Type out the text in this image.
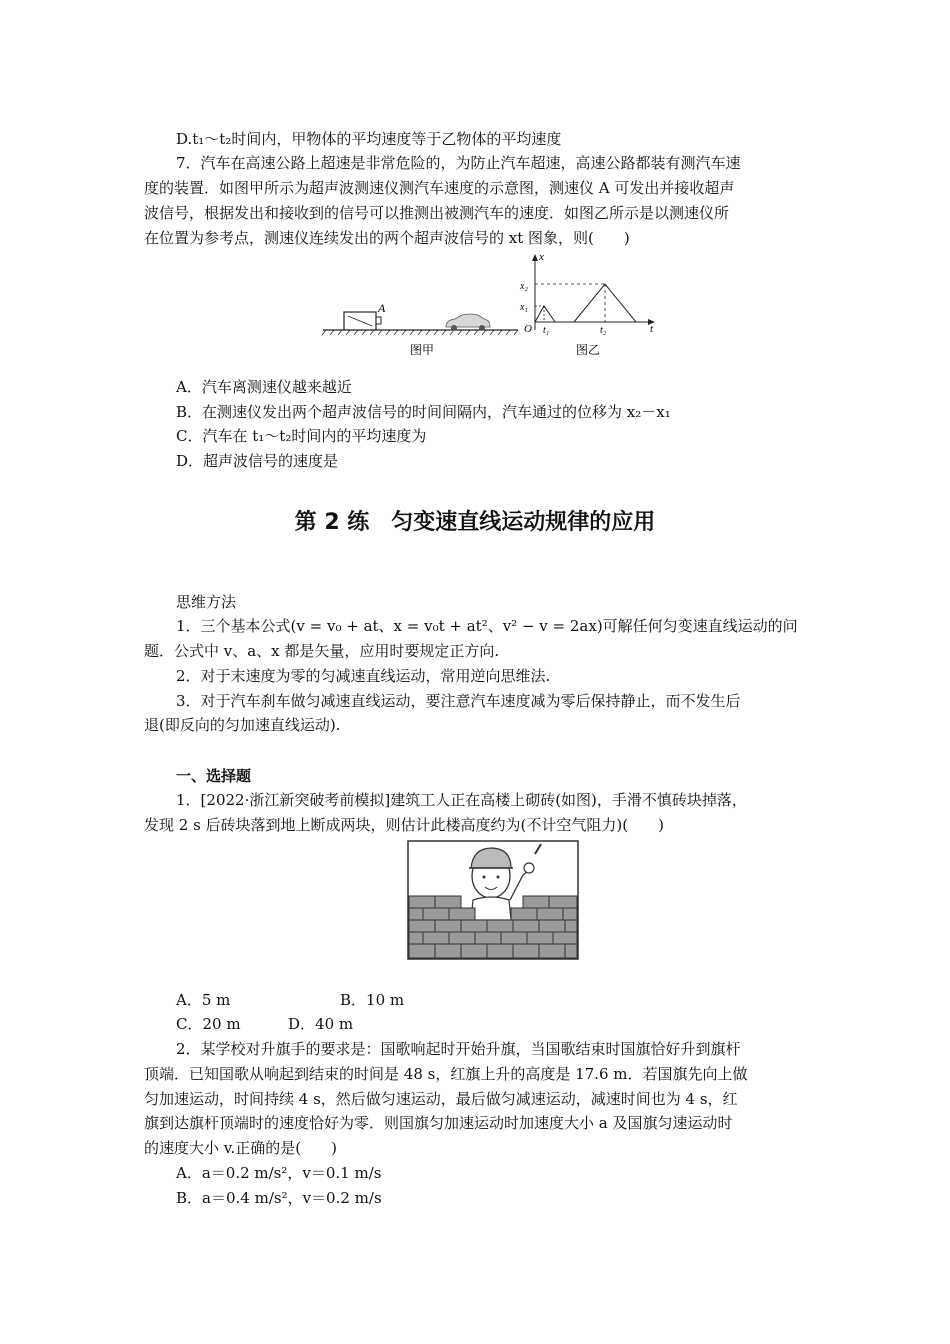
D.t₁～t₂时间内，甲物体的平均速度等于乙物体的平均速度
7．汽车在高速公路上超速是非常危险的，为防止汽车超速，高速公路都装有测汽车速
度的装置．如图甲所示为超声波测速仪测汽车速度的示意图，测速仪 A 可发出并接收超声
波信号，根据发出和接收到的信号可以推测出被测汽车的速度．如图乙所示是以测速仪所
在位置为参考点，测速仪连续发出的两个超声波信号的 xt 图象，则(　　)
A
图甲
x
t
O
x₂
x₁
t₁	t₂
图乙
A．汽车离测速仪越来越近
B．在测速仪发出两个超声波信号的时间间隔内，汽车通过的位移为 x₂－x₁
C．汽车在 t₁～t₂时间内的平均速度为
D．超声波信号的速度是
第 2 练　匀变速直线运动规律的应用
思维方法
1．三个基本公式(v = v₀ + at、x = v₀t + at²、v² − v = 2ax)可解任何匀变速直线运动的问
题．公式中 v、a、x 都是矢量，应用时要规定正方向.
2．对于末速度为零的匀减速直线运动，常用逆向思维法.
3．对于汽车刹车做匀减速直线运动，要注意汽车速度减为零后保持静止，而不发生后
退(即反向的匀加速直线运动).
一、选择题
1．[2022·浙江新突破考前模拟]建筑工人正在高楼上砌砖(如图)，手滑不慎砖块掉落，
发现 2 s 后砖块落到地上断成两块，则估计此楼高度约为(不计空气阻力)(　　)
A．5 m	B．10 m
C．20 m	D．40 m
2．某学校对升旗手的要求是：国歌响起时开始升旗，当国歌结束时国旗恰好升到旗杆
顶端．已知国歌从响起到结束的时间是 48 s，红旗上升的高度是 17.6 m．若国旗先向上做
匀加速运动，时间持续 4 s，然后做匀速运动，最后做匀减速运动，减速时间也为 4 s，红
旗到达旗杆顶端时的速度恰好为零．则国旗匀加速运动时加速度大小 a 及国旗匀速运动时
的速度大小 v.正确的是(　　)
A．a＝0.2 m/s²，v＝0.1 m/s
B．a＝0.4 m/s²，v＝0.2 m/s
